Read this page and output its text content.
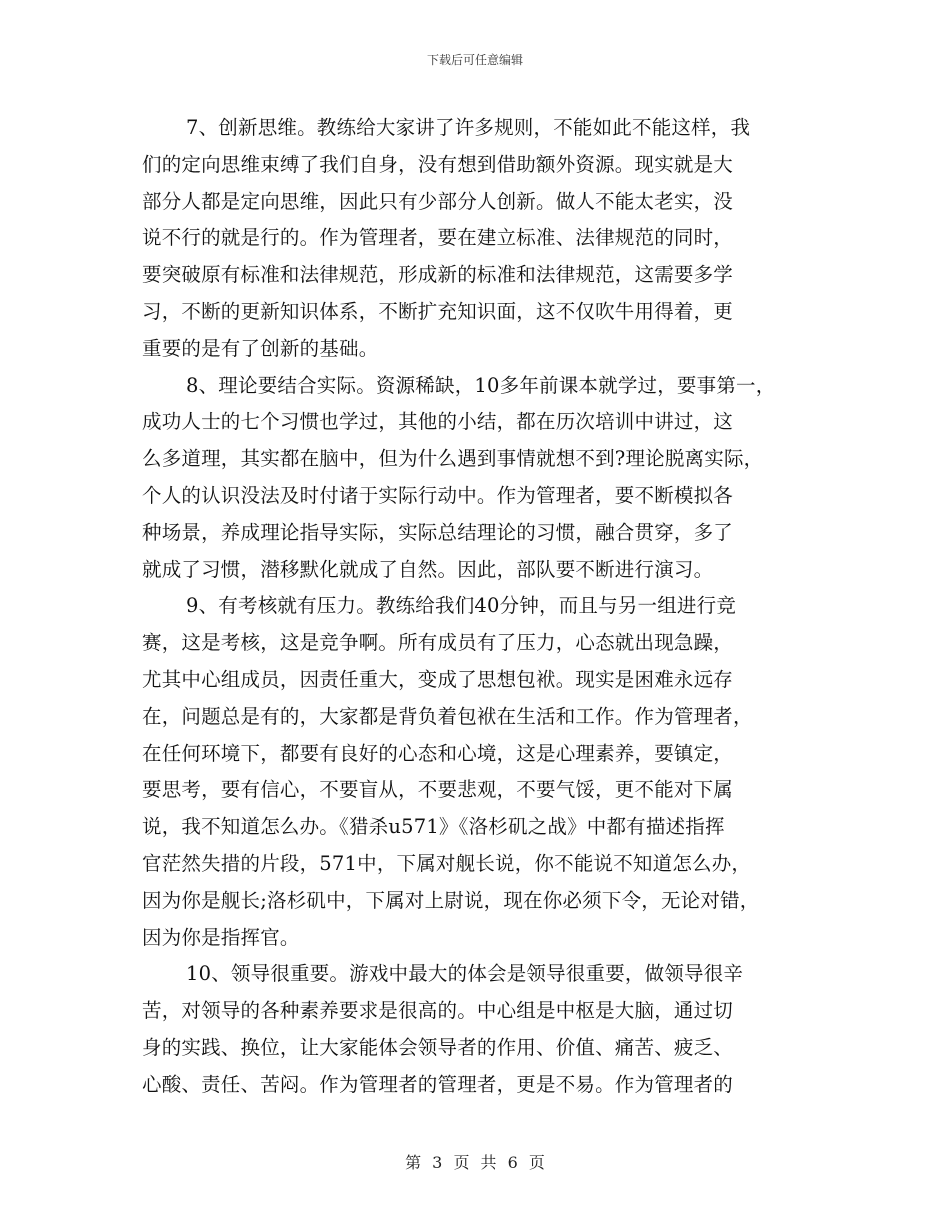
下载后可任意编辑
7、创新思维。教练给大家讲了许多规则，不能如此不能这样，我
们的定向思维束缚了我们自身，没有想到借助额外资源。现实就是大
部分人都是定向思维，因此只有少部分人创新。做人不能太老实，没
说不行的就是行的。作为管理者，要在建立标准、法律规范的同时，
要突破原有标准和法律规范，形成新的标准和法律规范，这需要多学
习，不断的更新知识体系，不断扩充知识面，这不仅吹牛用得着，更
重要的是有了创新的基础。
8、理论要结合实际。资源稀缺，10多年前课本就学过，要事第一，
成功人士的七个习惯也学过，其他的小结，都在历次培训中讲过，这
么多道理，其实都在脑中，但为什么遇到事情就想不到?理论脱离实际，
个人的认识没法及时付诸于实际行动中。作为管理者，要不断模拟各
种场景，养成理论指导实际，实际总结理论的习惯，融合贯穿，多了
就成了习惯，潜移默化就成了自然。因此，部队要不断进行演习。
9、有考核就有压力。教练给我们40分钟，而且与另一组进行竞
赛，这是考核，这是竞争啊。所有成员有了压力，心态就出现急躁，
尤其中心组成员，因责任重大，变成了思想包袱。现实是困难永远存
在，问题总是有的，大家都是背负着包袱在生活和工作。作为管理者，
在任何环境下，都要有良好的心态和心境，这是心理素养，要镇定，
要思考，要有信心，不要盲从，不要悲观，不要气馁，更不能对下属
说，我不知道怎么办。《猎杀u571》《洛杉矶之战》中都有描述指挥
官茫然失措的片段，571中，下属对舰长说，你不能说不知道怎么办，
因为你是舰长;洛杉矶中，下属对上尉说，现在你必须下令，无论对错，
因为你是指挥官。
10、领导很重要。游戏中最大的体会是领导很重要，做领导很辛
苦，对领导的各种素养要求是很高的。中心组是中枢是大脑，通过切
身的实践、换位，让大家能体会领导者的作用、价值、痛苦、疲乏、
心酸、责任、苦闷。作为管理者的管理者，更是不易。作为管理者的
第 3 页 共 6 页
